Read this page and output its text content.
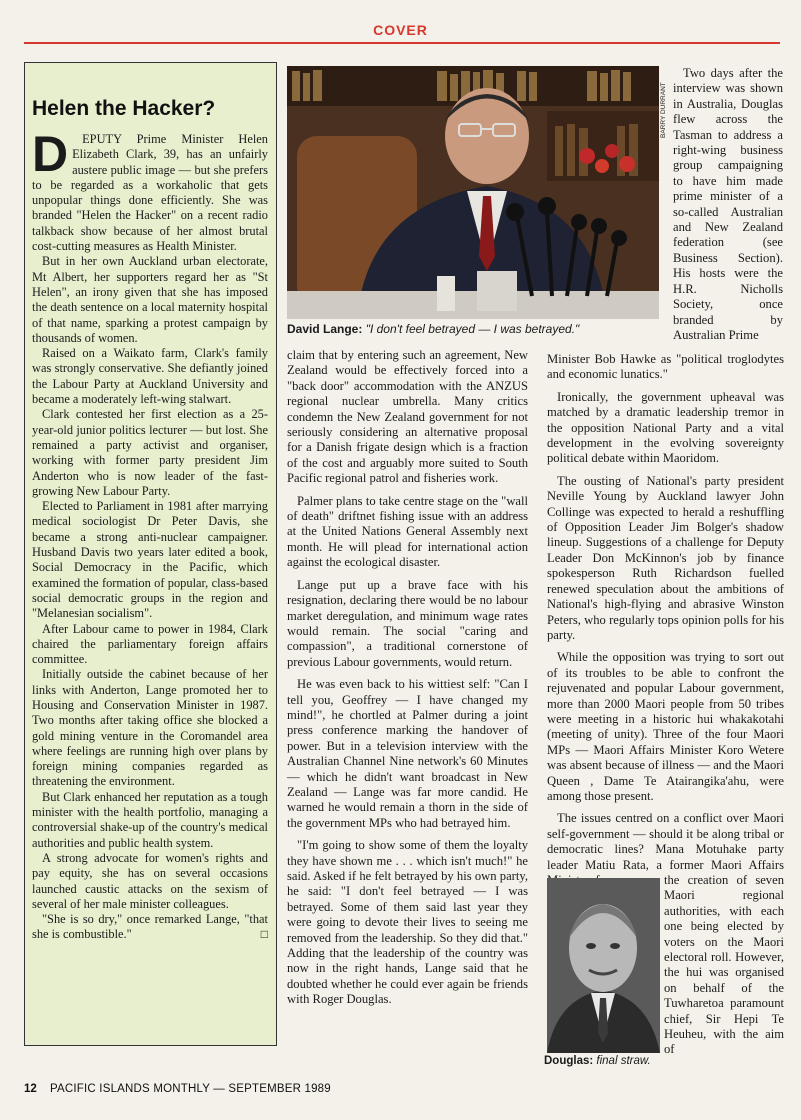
COVER
Helen the Hacker?

D EPUTY Prime Minister Helen Elizabeth Clark, 39, has an unfairly austere public image — but she prefers to be regarded as a workaholic that gets unpopular things done efficiently. She was branded "Helen the Hacker" on a recent radio talkback show because of her almost brutal cost-cutting measures as Health Minister.

But in her own Auckland urban electorate, Mt Albert, her supporters regard her as "St Helen", an irony given that she has imposed the death sentence on a local maternity hospital of that name, sparking a protest campaign by thousands of women.

Raised on a Waikato farm, Clark's family was strongly conservative. She defiantly joined the Labour Party at Auckland University and became a moderately left-wing stalwart.

Clark contested her first election as a 25-year-old junior politics lecturer — but lost. She remained a party activist and organiser, working with former party president Jim Anderton who is now leader of the fast-growing New Labour Party.

Elected to Parliament in 1981 after marrying medical sociologist Dr Peter Davis, she became a strong anti-nuclear campaigner. Husband Davis two years later edited a book, Social Democracy in the Pacific, which examined the formation of popular, class-based social democratic groups in the region and "Melanesian socialism".

After Labour came to power in 1984, Clark chaired the parliamentary foreign affairs committee.

Initially outside the cabinet because of her links with Anderton, Lange promoted her to Housing and Conservation Minister in 1987. Two months after taking office she blocked a gold mining venture in the Coromandel area where feelings are running high over plans by foreign mining companies regarded as threatening the environment.

But Clark enhanced her reputation as a tough minister with the health portfolio, managing a controversial shake-up of the country's medical authorities and public health system.

A strong advocate for women's rights and pay equity, she has on several occasions launched caustic attacks on the sexism of several of her male minister colleagues.

"She is so dry," once remarked Lange, "that she is combustible."	□

BARRY DURRANT
David Lange: "I don't feel betrayed — I was betrayed."

claim that by entering such an agreement, New Zealand would be effectively forced into a "back door" accommodation with the ANZUS regional nuclear umbrella. Many critics condemn the New Zealand government for not seriously considering an alternative proposal for a Danish frigate design which is a fraction of the cost and arguably more suited to South Pacific regional patrol and fisheries work.

Palmer plans to take centre stage on the "wall of death" driftnet fishing issue with an address at the United Nations General Assembly next month. He will plead for international action against the ecological disaster.

Lange put up a brave face with his resignation, declaring there would be no labour market deregulation, and minimum wage rates would remain. The social "caring and compassion", a traditional cornerstone of previous Labour governments, would return.

He was even back to his wittiest self: "Can I tell you, Geoffrey — I have changed my mind!", he chortled at Palmer during a joint press conference marking the handover of power. But in a television interview with the Australian Channel Nine network's 60 Minutes — which he didn't want broadcast in New Zealand — Lange was far more candid. He warned he would remain a thorn in the side of the government MPs who had betrayed him.

"I'm going to show some of them the loyalty they have shown me . . . which isn't much!" he said. Asked if he felt betrayed by his own party, he said: "I don't feel betrayed — I was betrayed. Some of them said last year they were going to devote their lives to seeing me removed from the leadership. So they did that." Adding that the leadership of the country was now in the right hands, Lange said that he doubted whether he could ever again be friends with Roger Douglas.

Two days after the interview was shown in Australia, Douglas flew across the Tasman to address a right-wing business group campaigning to have him made prime minister of a so-called Australian and New Zealand federation (see Business Section). His hosts were the H.R. Nicholls Society, once branded by Australian Prime

Minister Bob Hawke as "political troglodytes and economic lunatics."

Ironically, the government upheaval was matched by a dramatic leadership tremor in the opposition National Party and a vital development in the evolving sovereignty political debate within Maoridom.

The ousting of National's party president Neville Young by Auckland lawyer John Collinge was expected to herald a reshuffling of Opposition Leader Jim Bolger's shadow lineup. Suggestions of a challenge for Deputy Leader Don McKinnon's job by finance spokesperson Ruth Richardson fuelled renewed speculation about the ambitions of National's high-flying and abrasive Winston Peters, who regularly tops opinion polls for his party.

While the opposition was trying to sort out of its troubles to be able to confront the rejuvenated and popular Labour government, more than 2000 Maori people from 50 tribes were meeting in a historic hui whakakotahi (meeting of unity). Three of the four Maori MPs — Maori Affairs Minister Koro Wetere was absent because of illness — and the Maori Queen , Dame Te Atairangika'ahu, were among those present.

The issues centred on a conflict over Maori self-government — should it be along tribal or democratic lines? Mana Motuhake party leader Matiu Rata, a former Maori Affairs

Douglas: final straw.

the creation of seven Maori regional authorities, with each one being elected by voters on the Maori electoral roll. However, the hui was organised on behalf of the Tuwharetoa paramount chief, Sir Hepi Te Heuheu, with the aim of

12 PACIFIC ISLANDS MONTHLY — SEPTEMBER 1989
